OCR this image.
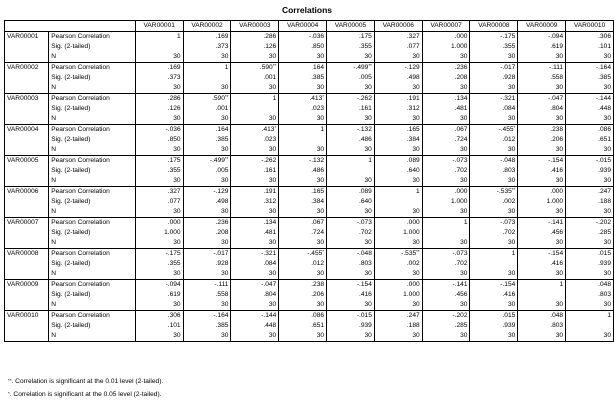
Correlations
		VAR00001	VAR00002	VAR00003	VAR00004	VAR00005	VAR00006	VAR00007	VAR00008	VAR00009	VAR00010
VAR00001	Pearson Correlation	1	.169	.286	-.036	.175	.327	.000	-.175	-.094	.306
	Sig. (2-tailed)		.373	.126	.850	.355	.077	1.000	.355	.619	.101
	N	30	30	30	30	30	30	30	30	30	30
VAR00002	Pearson Correlation	.169	1	.590**	164	-.499**	-.129	.236	-.017	-.111	-.164
	Sig. (2-tailed)	.373		.001	.385	.005	.498	.208	.928	.558	.385
	N	30	30	30	30	30	30	30	30	30	30
VAR00003	Pearson Correlation	.286	.590**	1	.413*	-.262	.191	.134	-.321	-.047	-.144
	Sig. (2-tailed)	.126	.001		.023	.161	.312	.481	.084	.804	.448
	N	30	30	30	30	30	30	30	30	30	30
VAR00004	Pearson Correlation	-.036	.164	.413*	1	-.132	.165	.067	-.455*	.238	.086
	Sig. (2-tailed)	.850	.385	.023		.486	.384	.724	.012	.206	.651
	N	30	30	30	30	30	30	30	30	30	30
VAR00005	Pearson Correlation	.175	-.499**	-.262	-.132	1	.089	-.073	-.048	-.154	-.015
	Sig. (2-tailed)	.355	.005	.161	.486		.640	.702	.803	.416	.939
	N	30	30	30	30	30	30	30	30	30	30
VAR00006	Pearson Correlation	.327	-.129	.191	.165	.089	1	.000	-.535**	.000	.247
	Sig. (2-tailed)	.077	.498	.312	.384	.640		1.000	.002	1.000	.188
	N	30	30	30	30	30	30	30	30	30	30
VAR00007	Pearson Correlation	.000	.236	.134	.067	-.073	.000	1	-.073	-.141	-.202
	Sig. (2-tailed)	1.000	.208	.481	.724	.702	1.000		.702	.456	.285
	N	30	30	30	30	30	30	30	30	30	30
VAR00008	Pearson Correlation	-.175	-.017	-.321	-.455*	-.048	-.535**	-.073	1	-.154	.015
	Sig. (2-tailed)	.355	.928	.084	.012	.803	.002	.702		.416	.939
	N	30	30	30	30	30	30	30	30	30	30
VAR00009	Pearson Correlation	-.094	-.111	-.047	.238	-.154	.000	-.141	-.154	1	.048
	Sig. (2-tailed)	.619	.558	.804	.206	.416	1.000	.456	.416		.803
	N	30	30	30	30	30	30	30	30	30	30
VAR00010	Pearson Correlation	.306	-.164	-.144	.086	-.015	.247	-.202	.015	.048	1
	Sig. (2-tailed)	.101	.385	.448	.651	.939	.188	.285	.939	.803	
	N	30	30	30	30	30	30	30	30	30	30
**. Correlation is significant at the 0.01 level (2-tailed).
*. Correlation is significant at the 0.05 level (2-tailed).
